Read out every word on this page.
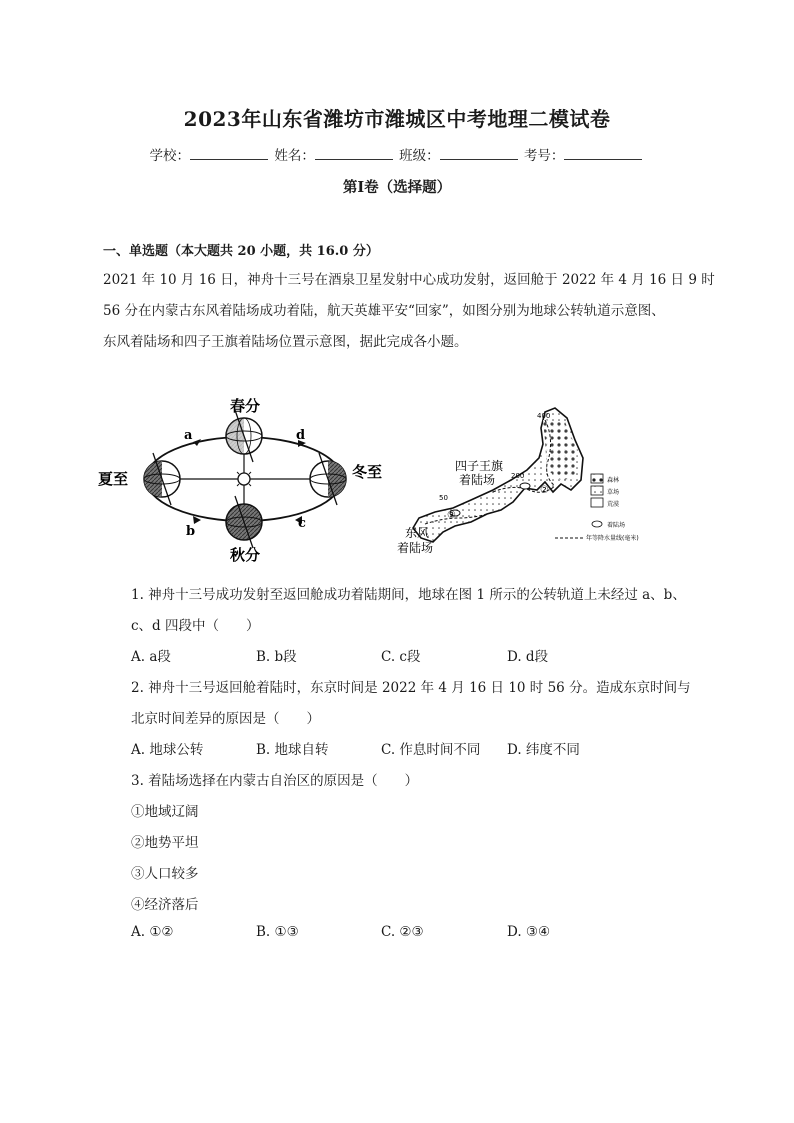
2023年山东省潍坊市潍城区中考地理二模试卷
学校：	姓名：	班级：	考号：
第I卷（选择题）
一、单选题（本大题共 20 小题，共 16.0 分）
2021 年 10 月 16 日，神舟十三号在酒泉卫星发射中心成功发射，返回舱于 2022 年 4 月 16 日 9 时
56 分在内蒙古东风着陆场成功着陆，航天英雄平安“回家”，如图分别为地球公转轨道示意图、
东风着陆场和四子王旗着陆场位置示意图，据此完成各小题。
春分
夏至	冬至
秋分
a	d
b
c
400
200
50
②
③
四子王旗
着陆场
东风
着陆场
森林
草场
荒漠
着陆场
年等降水量线(毫米)
1. 神舟十三号成功发射至返回舱成功着陆期间，地球在图 1 所示的公转轨道上未经过 a、b、
c、d 四段中（　　）
A. a段	B. b段	C. c段	D. d段
2. 神舟十三号返回舱着陆时，东京时间是 2022 年 4 月 16 日 10 时 56 分。造成东京时间与
北京时间差异的原因是（　　）
A. 地球公转	B. 地球自转	C. 作息时间不同 D. 纬度不同
3. 着陆场选择在内蒙古自治区的原因是（　　）
①地域辽阔
②地势平坦
③人口较多
④经济落后
A. ①②	B. ①③	C. ②③	D. ③④
